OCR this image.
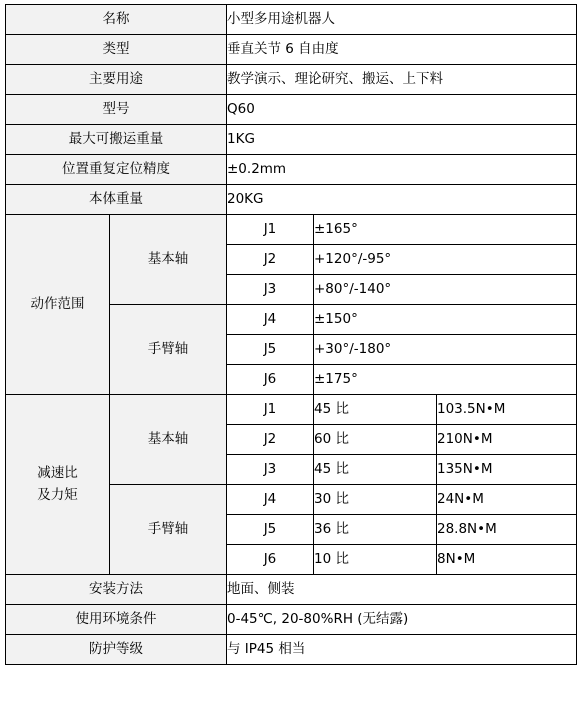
名称		小型多用途机器人		
类型		垂直关节 6 自由度		
主要用途		教学演示、理论研究、搬运、上下料		
型号		Q60		
最大可搬运重量		1KG		
位置重复定位精度		±0.2mm		
本体重量		20KG		
动作范围	基本轴	J1	±165°	
		J2	+120°/-95°	
		J3	+80°/-140°	
	手臂轴	J4	±150°	
		J5	+30°/-180°	
		J6	±175°	
减速比
及力矩	基本轴	J1	45 比	103.5N•M
		J2	60 比	210N•M
		J3	45 比	135N•M
	手臂轴	J4	30 比	24N•M
		J5	36 比	28.8N•M
		J6	10 比	8N•M
安装方法		地面、侧装		
使用环境条件		0-45℃, 20-80%RH (无结露)		
防护等级		与 IP45 相当		
